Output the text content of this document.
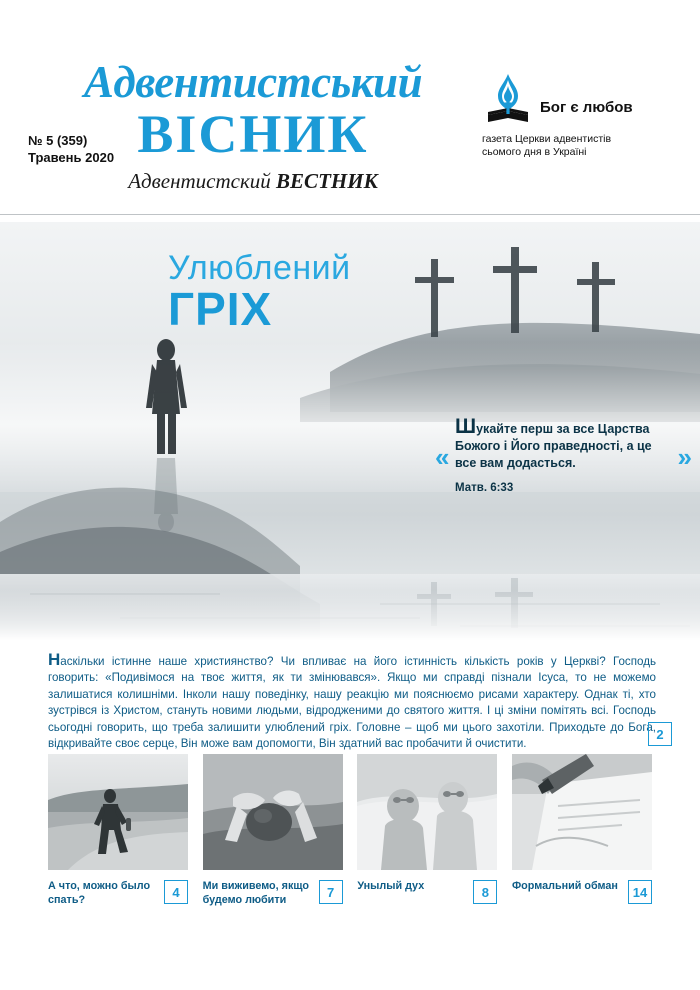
Адвентистський
ВІСНИК
Адвентистский ВЕСТНИК
№ 5 (359)
Травень 2020
Бог є любов
газета Церкви адвентистів
сьомого дня в Україні
Улюблений
ГРІХ
«	»
Шукайте перш за все Царства Божого і Його праведності, а це все вам додасться.
Матв. 6:33
Наскільки істинне наше християнство? Чи впливає на його істинність кількість років у Церкві? Господь говорить: «Подивімося на твоє життя, як ти змінювався». Якщо ми справді пізнали Ісуса, то не можемо залишатися колишніми. Інколи нашу поведінку, нашу реакцію ми пояснюємо рисами характеру. Однак ті, хто зустрівся із Христом, стануть новими людьми, відродженими до святого життя. І ці зміни помітять всі. Господь сьогодні говорить, що треба залишити улюблений гріх. Головне – щоб ми цього захотіли. Приходьте до Бога, відкривайте своє серце, Він може вам допомогти, Він здатний вас пробачити й очистити.
2
А что, можно было спать?	4	Ми виживемо, якщо будемо любити	7	Унылый дух	8	Формальний обман	14
